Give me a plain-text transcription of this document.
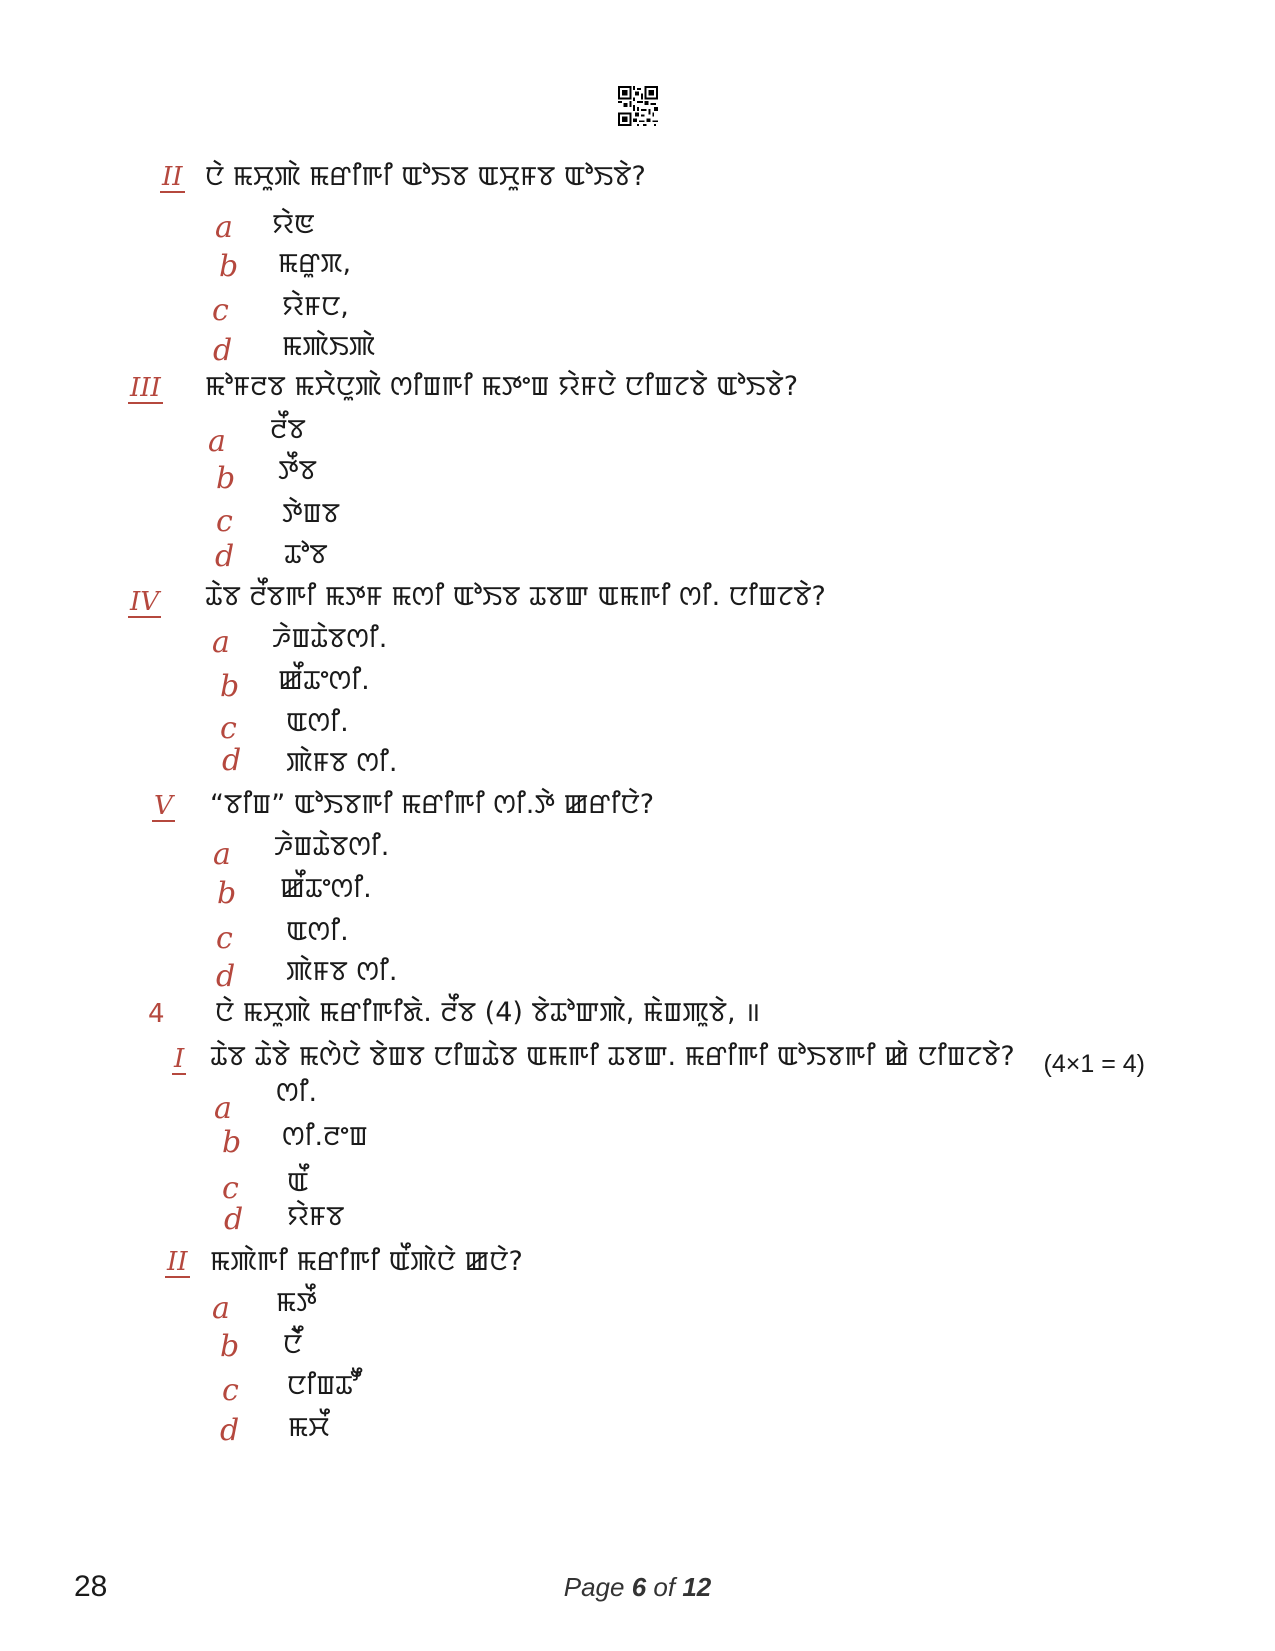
II ꯅꯥ ꯃꯆꯨꯄꯥ ꯃꯔꯤꯒꯤ ꯑꯣꯏꯕ ꯑꯆꯨꯝꯕ ꯑꯣꯏꯕꯥ?
a ꯌꯥꯟ
b ꯃꯔꯨꯞ,
c ꯌꯥꯝꯅ,
d ꯃꯄꯥꯏꯄꯥ
III ꯃꯣꯝꯂꯕ ꯃꯆꯥꯅꯨꯄꯥ ꯁꯤꯡꯒꯤ ꯃꯇꯦꯡ ꯌꯥꯝꯅꯥ ꯅꯤꯡꯖꯕꯥ ꯑꯣꯏꯕꯥ?
a ꯂꯩꯕ
b ꯇꯩꯕ
c ꯇꯥꯡꯕ
d ꯊꯣꯕ
IV ꯊꯥꯕ ꯂꯩꯕꯒꯤ ꯃꯇꯝ ꯃꯁꯤ ꯑꯣꯏꯕ ꯊꯕꯛ ꯑꯃꯒꯤ ꯁꯤ. ꯅꯤꯡꯖꯕꯥ?
a ꯍꯥꯡꯊꯥꯕꯁꯤ.
b ꯀꯩꯊꯦꯁꯤ.
c ꯑꯁꯤ.
d ꯄꯥꯝꯕ ꯁꯤ.
V “ꯕꯤꯡ” ꯑꯣꯏꯕꯒꯤ ꯃꯔꯤꯒꯤ ꯁꯤ.ꯇꯥ ꯀꯔꯤꯅꯥ?
a ꯍꯥꯡꯊꯥꯕꯁꯤ.
b ꯀꯩꯊꯦꯁꯤ.
c ꯑꯁꯤ.
d ꯄꯥꯝꯕ ꯁꯤ.
4 ꯅꯥ ꯃꯆꯨꯄꯥ ꯃꯔꯤꯒꯤꯗꯥ. ꯂꯩꯕ (4) ꯕꯥꯊꯣꯛꯄꯥ, ꯃꯥꯡꯄꯨꯕꯥ, ॥
(4×1 = 4)
I ꯊꯥꯕ ꯊꯥꯕꯥ ꯃꯁꯥꯅꯥ ꯕꯥꯡꯕ ꯅꯤꯡꯊꯥꯕ ꯑꯃꯒꯤ ꯊꯕꯛ. ꯃꯔꯤꯒꯤ ꯑꯣꯏꯕꯒꯤ ꯀꯥ ꯅꯤꯡꯖꯕꯥ?
a ꯁꯤ.
b ꯁꯤ.ꯂꯦꯡ
c ꯑꯩ
d ꯌꯥꯝꯕ
II ꯃꯄꯥꯒꯤ ꯃꯔꯤꯒꯤ ꯑꯩꯄꯥꯅꯥ ꯀꯅꯥ?
a ꯃꯇꯩ
b ꯅꯥꯩ
c ꯅꯤꯡꯊꯧꯩ
d ꯃꯆꯩ
28	Page 6 of 12
